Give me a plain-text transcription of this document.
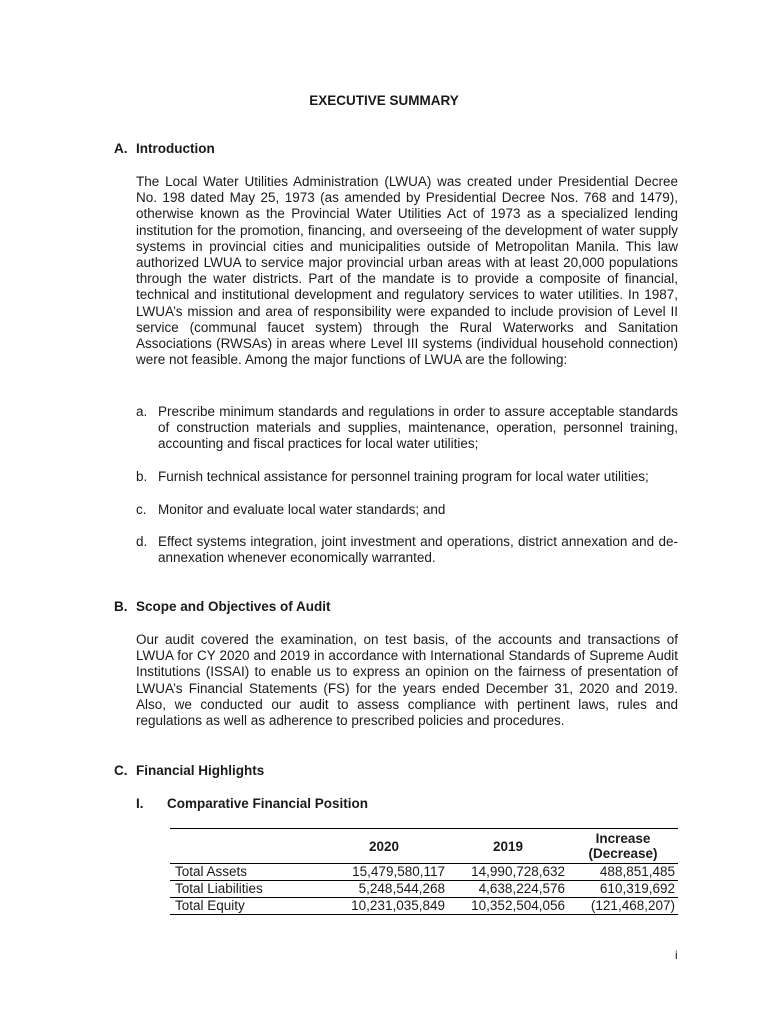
EXECUTIVE SUMMARY
A. Introduction

The Local Water Utilities Administration (LWUA) was created under Presidential Decree No. 198 dated May 25, 1973 (as amended by Presidential Decree Nos. 768 and 1479), otherwise known as the Provincial Water Utilities Act of 1973 as a specialized lending institution for the promotion, financing, and overseeing of the development of water supply systems in provincial cities and municipalities outside of Metropolitan Manila. This law authorized LWUA to service major provincial urban areas with at least 20,000 populations through the water districts. Part of the mandate is to provide a composite of financial, technical and institutional development and regulatory services to water utilities. In 1987, LWUA’s mission and area of responsibility were expanded to include provision of Level II service (communal faucet system) through the Rural Waterworks and Sanitation Associations (RWSAs) in areas where Level III systems (individual household connection) were not feasible. Among the major functions of LWUA are the following:

a. Prescribe minimum standards and regulations in order to assure acceptable standards of construction materials and supplies, maintenance, operation, personnel training, accounting and fiscal practices for local water utilities;
b. Furnish technical assistance for personnel training program for local water utilities;
c. Monitor and evaluate local water standards; and
d. Effect systems integration, joint investment and operations, district annexation and de-annexation whenever economically warranted.
B. Scope and Objectives of Audit

Our audit covered the examination, on test basis, of the accounts and transactions of LWUA for CY 2020 and 2019 in accordance with International Standards of Supreme Audit Institutions (ISSAI) to enable us to express an opinion on the fairness of presentation of LWUA’s Financial Statements (FS) for the years ended December 31, 2020 and 2019. Also, we conducted our audit to assess compliance with pertinent laws, rules and regulations as well as adherence to prescribed policies and procedures.

C. Financial Highlights
I. Comparative Financial Position
	2020	2019	Increase (Decrease)
Total Assets	15,479,580,117	14,990,728,632	488,851,485
Total Liabilities	5,248,544,268	4,638,224,576	610,319,692
Total Equity	10,231,035,849	10,352,504,056	(121,468,207)
i
